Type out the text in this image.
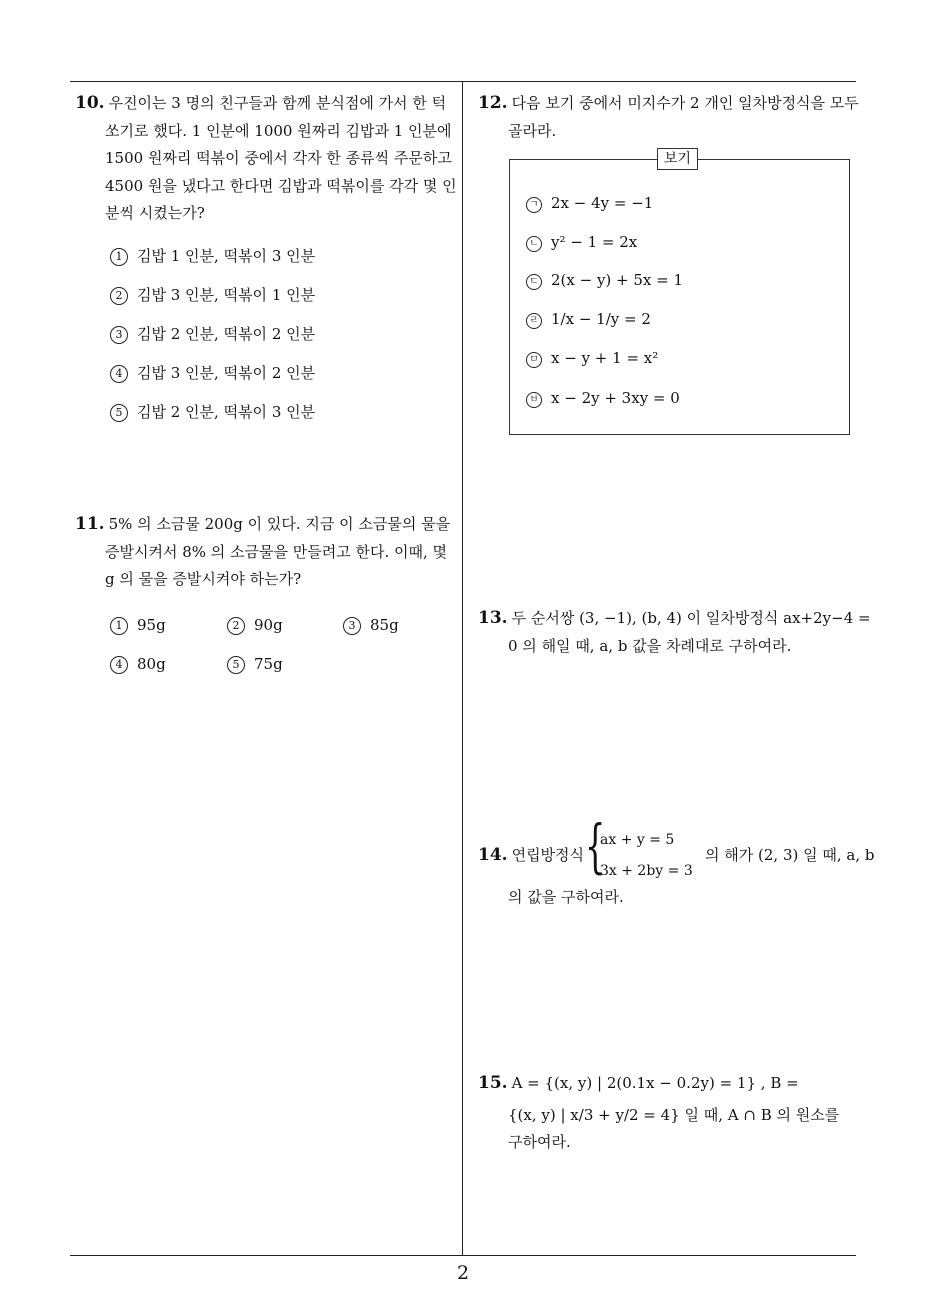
2
10. 우진이는 3 명의 친구들과 함께 분식점에 가서 한 턱
쏘기로 했다. 1 인분에 1000 원짜리 김밥과 1 인분에
1500 원짜리 떡볶이 중에서 각자 한 종류씩 주문하고
4500 원을 냈다고 한다면 김밥과 떡볶이를 각각 몇 인
분씩 시켰는가?
1 김밥 1 인분, 떡볶이 3 인분
2 김밥 3 인분, 떡볶이 1 인분
3 김밥 2 인분, 떡볶이 2 인분
4 김밥 3 인분, 떡볶이 2 인분
5 김밥 2 인분, 떡볶이 3 인분
11. 5% 의 소금물 200g 이 있다. 지금 이 소금물의 물을
증발시켜서 8% 의 소금물을 만들려고 한다. 이때, 몇
g 의 물을 증발시켜야 하는가?
1 95g	2 90g	3 85g
4 80g	5 75g
12. 다음 보기 중에서 미지수가 2 개인 일차방정식을 모두
골라라.
보기
ㄱ 2x − 4y = −1
ㄴ y² − 1 = 2x
ㄷ 2(x − y) + 5x = 1
ㄹ 1/x − 1/y = 2
ㅁ x − y + 1 = x²
ㅂ x − 2y + 3xy = 0
13. 두 순서쌍 (3, −1), (b, 4) 이 일차방정식 ax+2y−4 =
0 의 해일 때, a, b 값을 차례대로 구하여라.
14. 연립방정식 {
ax + y = 5
3x + 2by = 3
의 해가 (2, 3) 일 때, a, b
의 값을 구하여라.
15. A = {(x, y) | 2(0.1x − 0.2y) = 1} , B =
{(x, y) | x/3 + y/2 = 4} 일 때, A ∩ B 의 원소를
구하여라.
